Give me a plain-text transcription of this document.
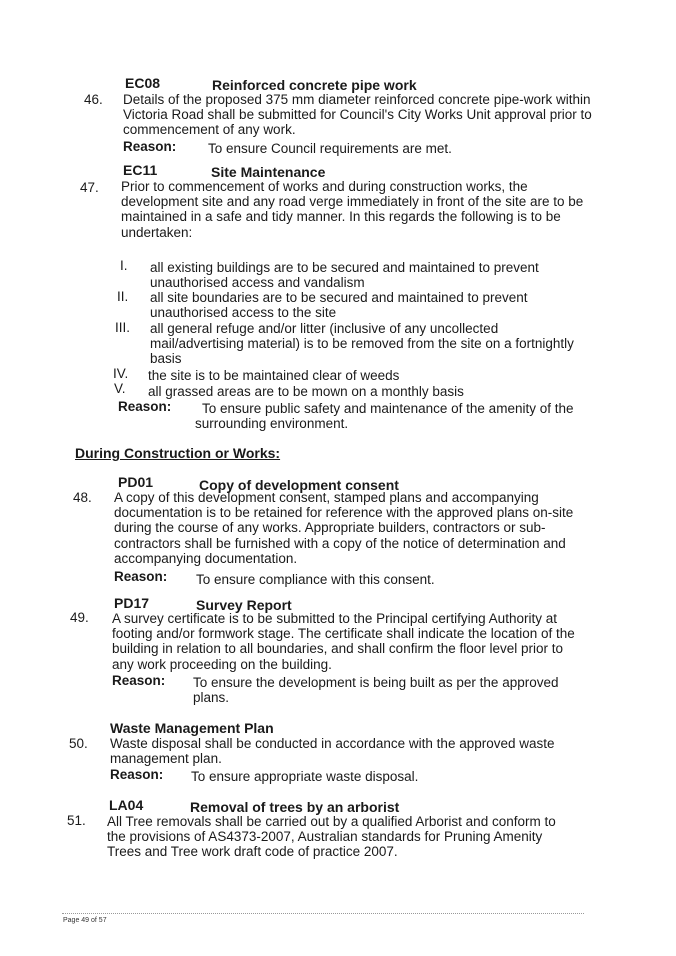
EC08	Reinforced concrete pipe work
46. Details of the proposed 375 mm diameter reinforced concrete pipe-work within
Victoria Road shall be submitted for Council's City Works Unit approval prior to
commencement of any work.
Reason: To ensure Council requirements are met.
EC11	Site Maintenance
47. Prior to commencement of works and during construction works, the
development site and any road verge immediately in front of the site are to be
maintained in a safe and tidy manner. In this regards the following is to be
undertaken:
I. all existing buildings are to be secured and maintained to prevent
unauthorised access and vandalism
II. all site boundaries are to be secured and maintained to prevent
unauthorised access to the site
III. all general refuge and/or litter (inclusive of any uncollected
mail/advertising material) is to be removed from the site on a fortnightly
basis
IV. the site is to be maintained clear of weeds
V. all grassed areas are to be mown on a monthly basis
Reason: To ensure public safety and maintenance of the amenity of the
surrounding environment.
During Construction or Works:
PD01	Copy of development consent
48. A copy of this development consent, stamped plans and accompanying
documentation is to be retained for reference with the approved plans on-site
during the course of any works. Appropriate builders, contractors or sub-
contractors shall be furnished with a copy of the notice of determination and
accompanying documentation.
Reason: To ensure compliance with this consent.
PD17	Survey Report
49. A survey certificate is to be submitted to the Principal certifying Authority at
footing and/or formwork stage. The certificate shall indicate the location of the
building in relation to all boundaries, and shall confirm the floor level prior to
any work proceeding on the building.
Reason: To ensure the development is being built as per the approved
plans.
Waste Management Plan
50. Waste disposal shall be conducted in accordance with the approved waste
management plan.
Reason: To ensure appropriate waste disposal.
LA04	Removal of trees by an arborist
51. All Tree removals shall be carried out by a qualified Arborist and conform to
the provisions of AS4373-2007, Australian standards for Pruning Amenity
Trees and Tree work draft code of practice 2007.
Page 49 of 57
